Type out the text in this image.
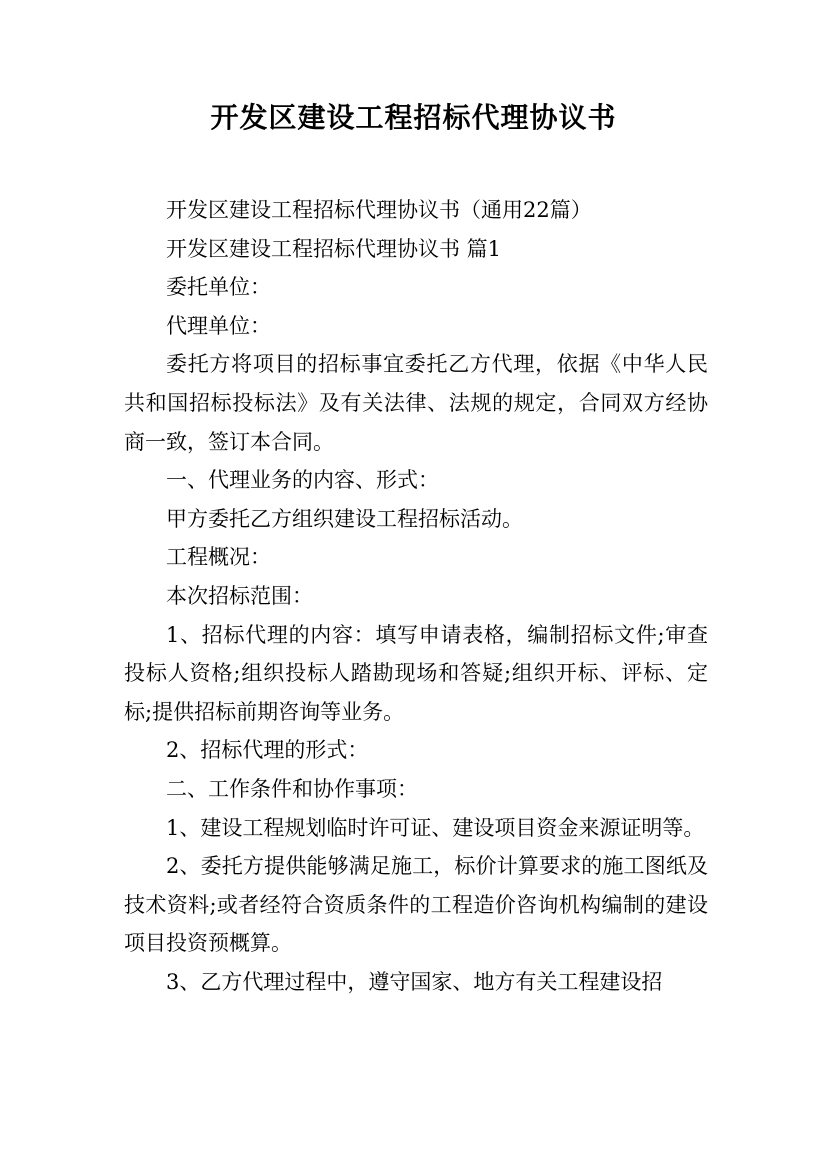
开发区建设工程招标代理协议书

开发区建设工程招标代理协议书（通用22篇）

开发区建设工程招标代理协议书 篇1

委托单位：

代理单位：

委托方将项目的招标事宜委托乙方代理，依据《中华人民共和国招标投标法》及有关法律、法规的规定，合同双方经协商一致，签订本合同。

一、代理业务的内容、形式：

甲方委托乙方组织建设工程招标活动。

工程概况：

本次招标范围：

1、招标代理的内容：填写申请表格，编制招标文件;审查投标人资格;组织投标人踏勘现场和答疑;组织开标、评标、定标;提供招标前期咨询等业务。

2、招标代理的形式：

二、工作条件和协作事项：

1、建设工程规划临时许可证、建设项目资金来源证明等。

2、委托方提供能够满足施工，标价计算要求的施工图纸及技术资料;或者经符合资质条件的工程造价咨询机构编制的建设项目投资预概算。

3、乙方代理过程中，遵守国家、地方有关工程建设招
